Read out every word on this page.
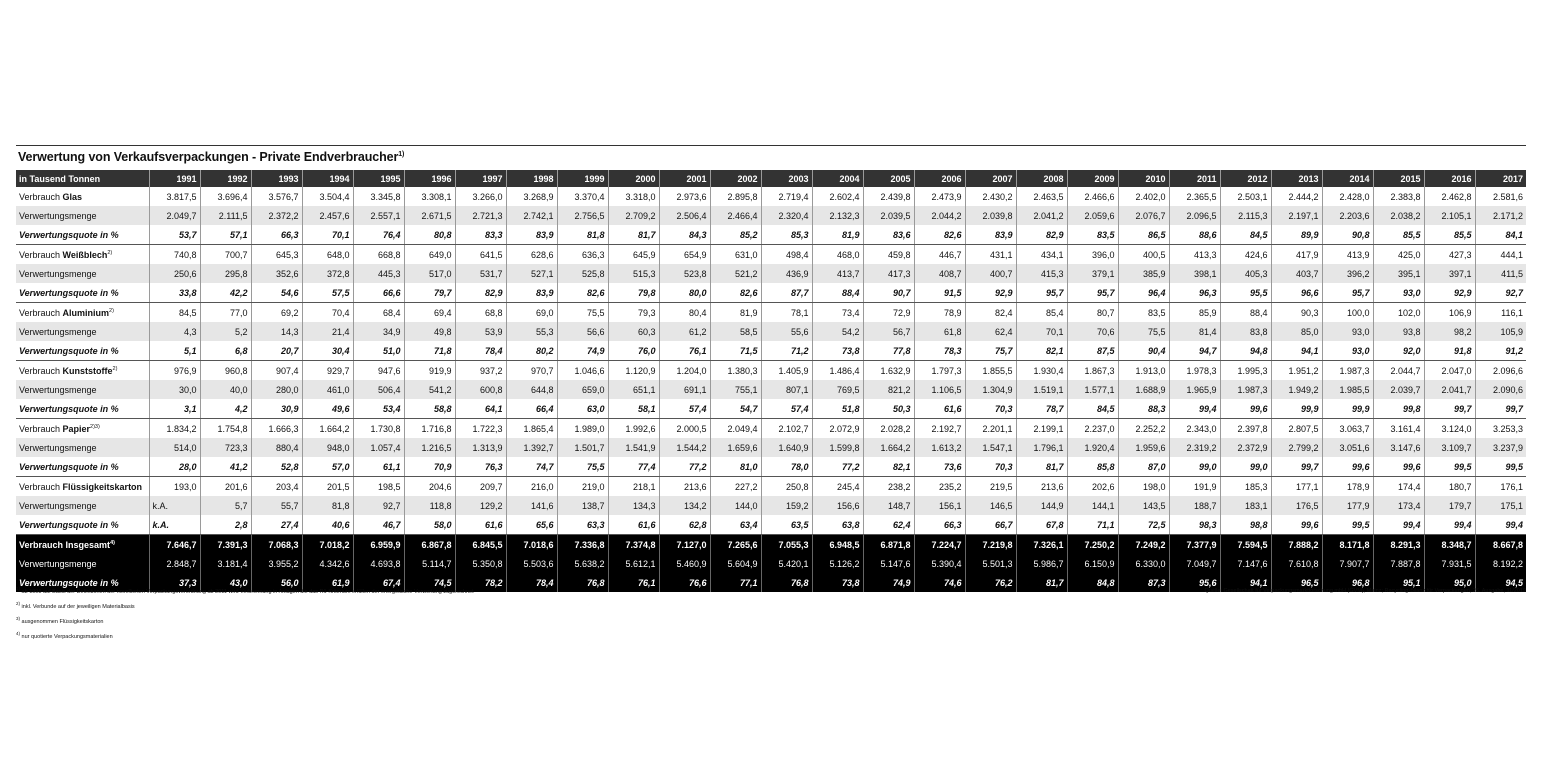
Verwertung von Verkaufsverpackungen - Private Endverbraucher$^{1)}$
in Tausend Tonnen	1991	1992	1993	1994	1995	1996	1997	1998	1999	2000	2001	2002	2003	2004	2005	2006	2007	2008	2009	2010	2011	2012	2013	2014	2015	2016	2017
Verbrauch Glas	3.817,5	3.696,4	3.576,7	3.504,4	3.345,8	3.308,1	3.266,0	3.268,9	3.370,4	3.318,0	2.973,6	2.895,8	2.719,4	2.602,4	2.439,8	2.473,9	2.430,2	2.463,5	2.466,6	2.402,0	2.365,5	2.503,1	2.444,2	2.428,0	2.383,8	2.462,8	2.581,6
Verwertungsmenge	2.049,7	2.111,5	2.372,2	2.457,6	2.557,1	2.671,5	2.721,3	2.742,1	2.756,5	2.709,2	2.506,4	2.466,4	2.320,4	2.132,3	2.039,5	2.044,2	2.039,8	2.041,2	2.059,6	2.076,7	2.096,5	2.115,3	2.197,1	2.203,6	2.038,2	2.105,1	2.171,2
Verwertungsquote in %	53,7	57,1	66,3	70,1	76,4	80,8	83,3	83,9	81,8	81,7	84,3	85,2	85,3	81,9	83,6	82,6	83,9	82,9	83,5	86,5	88,6	84,5	89,9	90,8	85,5	85,5	84,1
Verbrauch Weißblech$^{2)}$	740,8	700,7	645,3	648,0	668,8	649,0	641,5	628,6	636,3	645,9	654,9	631,0	498,4	468,0	459,8	446,7	431,1	434,1	396,0	400,5	413,3	424,6	417,9	413,9	425,0	427,3	444,1
Verwertungsmenge	250,6	295,8	352,6	372,8	445,3	517,0	531,7	527,1	525,8	515,3	523,8	521,2	436,9	413,7	417,3	408,7	400,7	415,3	379,1	385,9	398,1	405,3	403,7	396,2	395,1	397,1	411,5
Verwertungsquote in %	33,8	42,2	54,6	57,5	66,6	79,7	82,9	83,9	82,6	79,8	80,0	82,6	87,7	88,4	90,7	91,5	92,9	95,7	95,7	96,4	96,3	95,5	96,6	95,7	93,0	92,9	92,7
Verbrauch Aluminium$^{2)}$	84,5	77,0	69,2	70,4	68,4	69,4	68,8	69,0	75,5	79,3	80,4	81,9	78,1	73,4	72,9	78,9	82,4	85,4	80,7	83,5	85,9	88,4	90,3	100,0	102,0	106,9	116,1
Verwertungsmenge	4,3	5,2	14,3	21,4	34,9	49,8	53,9	55,3	56,6	60,3	61,2	58,5	55,6	54,2	56,7	61,8	62,4	70,1	70,6	75,5	81,4	83,8	85,0	93,0	93,8	98,2	105,9
Verwertungsquote in %	5,1	6,8	20,7	30,4	51,0	71,8	78,4	80,2	74,9	76,0	76,1	71,5	71,2	73,8	77,8	78,3	75,7	82,1	87,5	90,4	94,7	94,8	94,1	93,0	92,0	91,8	91,2
Verbrauch Kunststoffe$^{2)}$	976,9	960,8	907,4	929,7	947,6	919,9	937,2	970,7	1.046,6	1.120,9	1.204,0	1.380,3	1.405,9	1.486,4	1.632,9	1.797,3	1.855,5	1.930,4	1.867,3	1.913,0	1.978,3	1.995,3	1.951,2	1.987,3	2.044,7	2.047,0	2.096,6
Verwertungsmenge	30,0	40,0	280,0	461,0	506,4	541,2	600,8	644,8	659,0	651,1	691,1	755,1	807,1	769,5	821,2	1.106,5	1.304,9	1.519,1	1.577,1	1.688,9	1.965,9	1.987,3	1.949,2	1.985,5	2.039,7	2.041,7	2.090,6
Verwertungsquote in %	3,1	4,2	30,9	49,6	53,4	58,8	64,1	66,4	63,0	58,1	57,4	54,7	57,4	51,8	50,3	61,6	70,3	78,7	84,5	88,3	99,4	99,6	99,9	99,9	99,8	99,7	99,7
Verbrauch Papier$^{2)3)}$	1.834,2	1.754,8	1.666,3	1.664,2	1.730,8	1.716,8	1.722,3	1.865,4	1.989,0	1.992,6	2.000,5	2.049,4	2.102,7	2.072,9	2.028,2	2.192,7	2.201,1	2.199,1	2.237,0	2.252,2	2.343,0	2.397,8	2.807,5	3.063,7	3.161,4	3.124,0	3.253,3
Verwertungsmenge	514,0	723,3	880,4	948,0	1.057,4	1.216,5	1.313,9	1.392,7	1.501,7	1.541,9	1.544,2	1.659,6	1.640,9	1.599,8	1.664,2	1.613,2	1.547,1	1.796,1	1.920,4	1.959,6	2.319,2	2.372,9	2.799,2	3.051,6	3.147,6	3.109,7	3.237,9
Verwertungsquote in %	28,0	41,2	52,8	57,0	61,1	70,9	76,3	74,7	75,5	77,4	77,2	81,0	78,0	77,2	82,1	73,6	70,3	81,7	85,8	87,0	99,0	99,0	99,7	99,6	99,6	99,5	99,5
Verbrauch Flüssigkeitskarton	193,0	201,6	203,4	201,5	198,5	204,6	209,7	216,0	219,0	218,1	213,6	227,2	250,8	245,4	238,2	235,2	219,5	213,6	202,6	198,0	191,9	185,3	177,1	178,9	174,4	180,7	176,1
Verwertungsmenge	k.A.	5,7	55,7	81,8	92,7	118,8	129,2	141,6	138,7	134,3	134,2	144,0	159,2	156,6	148,7	156,1	146,5	144,9	144,1	143,5	188,7	183,1	176,5	177,9	173,4	179,7	175,1
Verwertungsquote in %	k.A.	2,8	27,4	40,6	46,7	58,0	61,6	65,6	63,3	61,6	62,8	63,4	63,5	63,8	62,4	66,3	66,7	67,8	71,1	72,5	98,3	98,8	99,6	99,5	99,4	99,4	99,4
Verbrauch Insgesamt$^{4)}$	7.646,7	7.391,3	7.068,3	7.018,2	6.959,9	6.867,8	6.845,5	7.018,6	7.336,8	7.374,8	7.127,0	7.265,6	7.055,3	6.948,5	6.871,8	7.224,7	7.219,8	7.326,1	7.250,2	7.249,2	7.377,9	7.594,5	7.888,2	8.171,8	8.291,3	8.348,7	8.667,8
Verwertungsmenge	2.848,7	3.181,4	3.955,2	4.342,6	4.693,8	5.114,7	5.350,8	5.503,6	5.638,2	5.612,1	5.460,9	5.604,9	5.420,1	5.126,2	5.147,6	5.390,4	5.501,3	5.986,7	6.150,9	6.330,0	7.049,7	7.147,6	7.610,8	7.907,7	7.887,8	7.931,5	8.192,2
Verwertungsquote in %	37,3	43,0	56,0	61,9	67,4	74,5	78,2	78,4	76,8	76,1	76,6	77,1	76,8	73,8	74,9	74,6	76,2	81,7	84,8	87,3	95,6	94,1	96,5	96,8	95,1	95,0	94,5
Quelle: Gesellschaft für Verpackungsmarktforschung mbH (GVM), Mainz; Recycling-Bilanz für Verpackungen, 26. Ausgabe, 11/2019
$^{1)}$ ab 1998 auf Basis der Definitionen der novellierten Verpackungsverordnung ab 2011 wird Verbrennung in Anlagen die das R1-Kriterium erfüllen der energetische Verwertung zugerechnet
$^{2)}$ inkl. Verbunde auf der jeweiligen Materialbasis
$^{3)}$ ausgenommen Flüssigkeitskarton
$^{4)}$ nur quotierte Verpackungsmaterialien
